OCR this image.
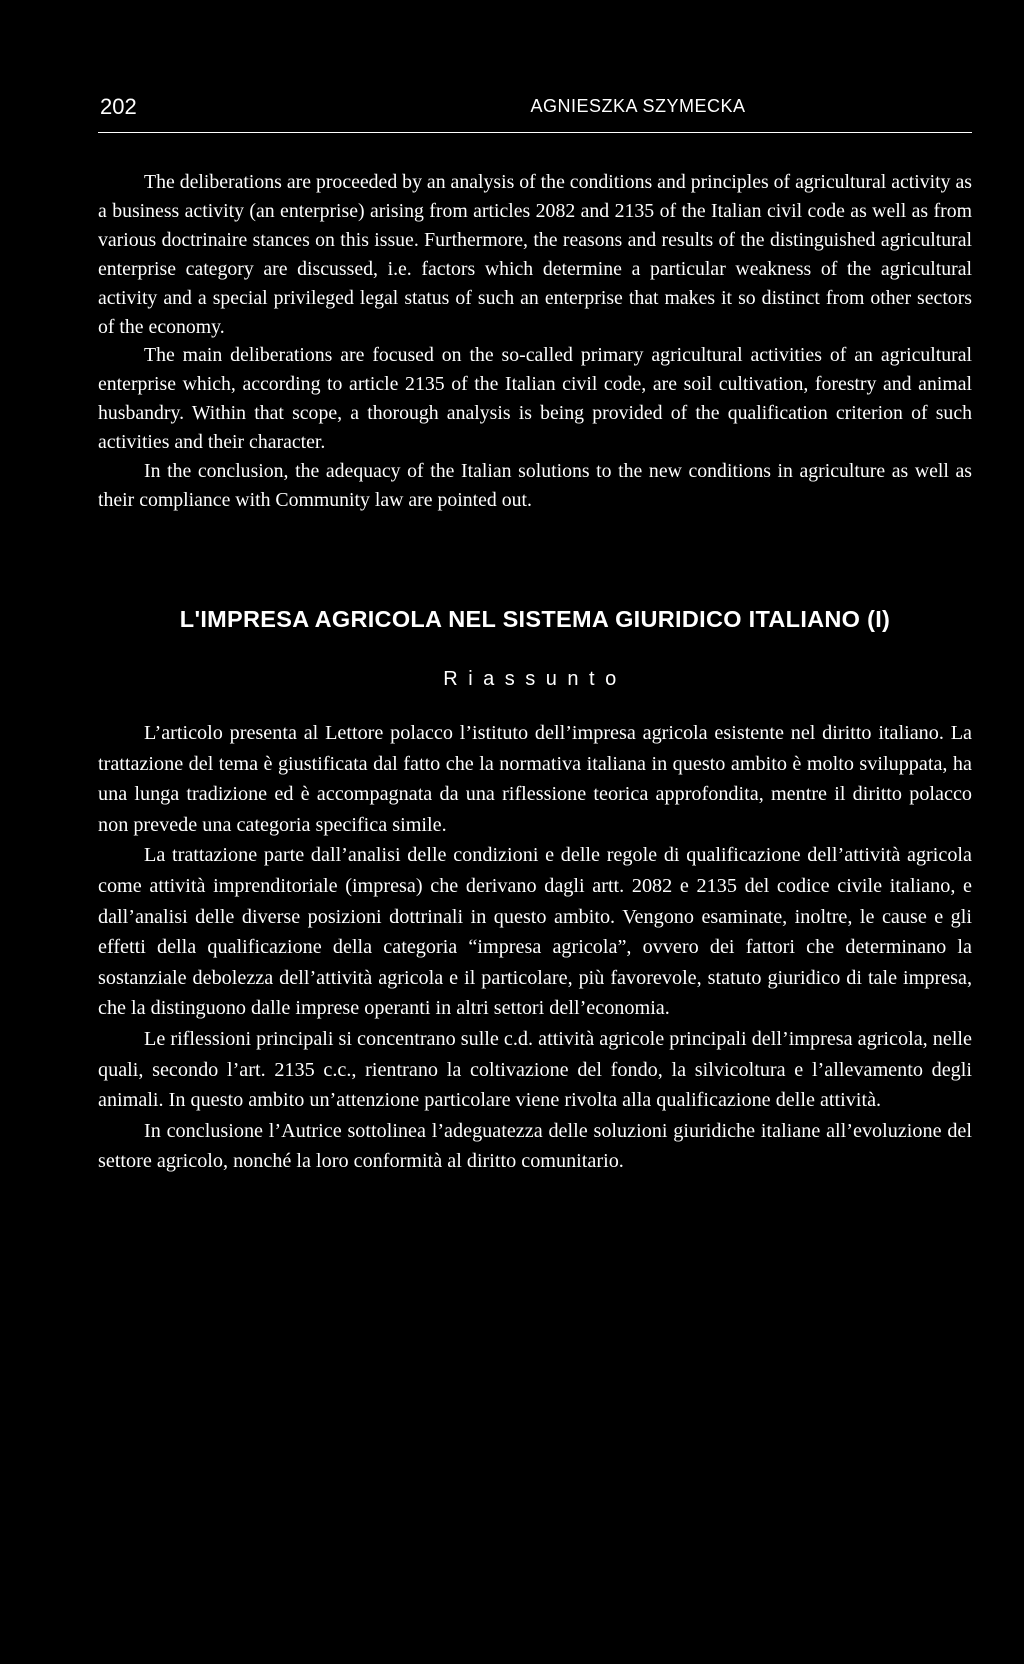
202	AGNIESZKA SZYMECKA

The deliberations are proceeded by an analysis of the conditions and principles of agricultural activity as a business activity (an enterprise) arising from articles 2082 and 2135 of the Italian civil code as well as from various doctrinaire stances on this issue. Furthermore, the reasons and results of the distinguished agricultural enterprise category are discussed, i.e. factors which determine a particular weakness of the agricultural activity and a special privileged legal status of such an enterprise that makes it so distinct from other sectors of the economy.

The main deliberations are focused on the so-called primary agricultural activities of an agricultural enterprise which, according to article 2135 of the Italian civil code, are soil cultivation, forestry and animal husbandry. Within that scope, a thorough analysis is being provided of the qualification criterion of such activities and their character.

In the conclusion, the adequacy of the Italian solutions to the new conditions in agriculture as well as their compliance with Community law are pointed out.

L'IMPRESA AGRICOLA NEL SISTEMA GIURIDICO ITALIANO (I)
Riassunto

L’articolo presenta al Lettore polacco l’istituto dell’impresa agricola esistente nel diritto italiano. La trattazione del tema è giustificata dal fatto che la normativa italiana in questo ambito è molto sviluppata, ha una lunga tradizione ed è accompagnata da una riflessione teorica approfondita, mentre il diritto polacco non prevede una categoria specifica simile.

La trattazione parte dall’analisi delle condizioni e delle regole di qualificazione dell’attività agricola come attività imprenditoriale (impresa) che derivano dagli artt. 2082 e 2135 del codice civile italiano, e dall’analisi delle diverse posizioni dottrinali in questo ambito. Vengono esaminate, inoltre, le cause e gli effetti della qualificazione della categoria “impresa agricola”, ovvero dei fattori che determinano la sostanziale debolezza dell’attività agricola e il particolare, più favorevole, statuto giuridico di tale impresa, che la distinguono dalle imprese operanti in altri settori dell’economia.

Le riflessioni principali si concentrano sulle c.d. attività agricole principali dell’impresa agricola, nelle quali, secondo l’art. 2135 c.c., rientrano la coltivazione del fondo, la silvicoltura e l’allevamento degli animali. In questo ambito un’attenzione particolare viene rivolta alla qualificazione delle attività.

In conclusione l’Autrice sottolinea l’adeguatezza delle soluzioni giuridiche italiane all’evoluzione del settore agricolo, nonché la loro conformità al diritto comunitario.
